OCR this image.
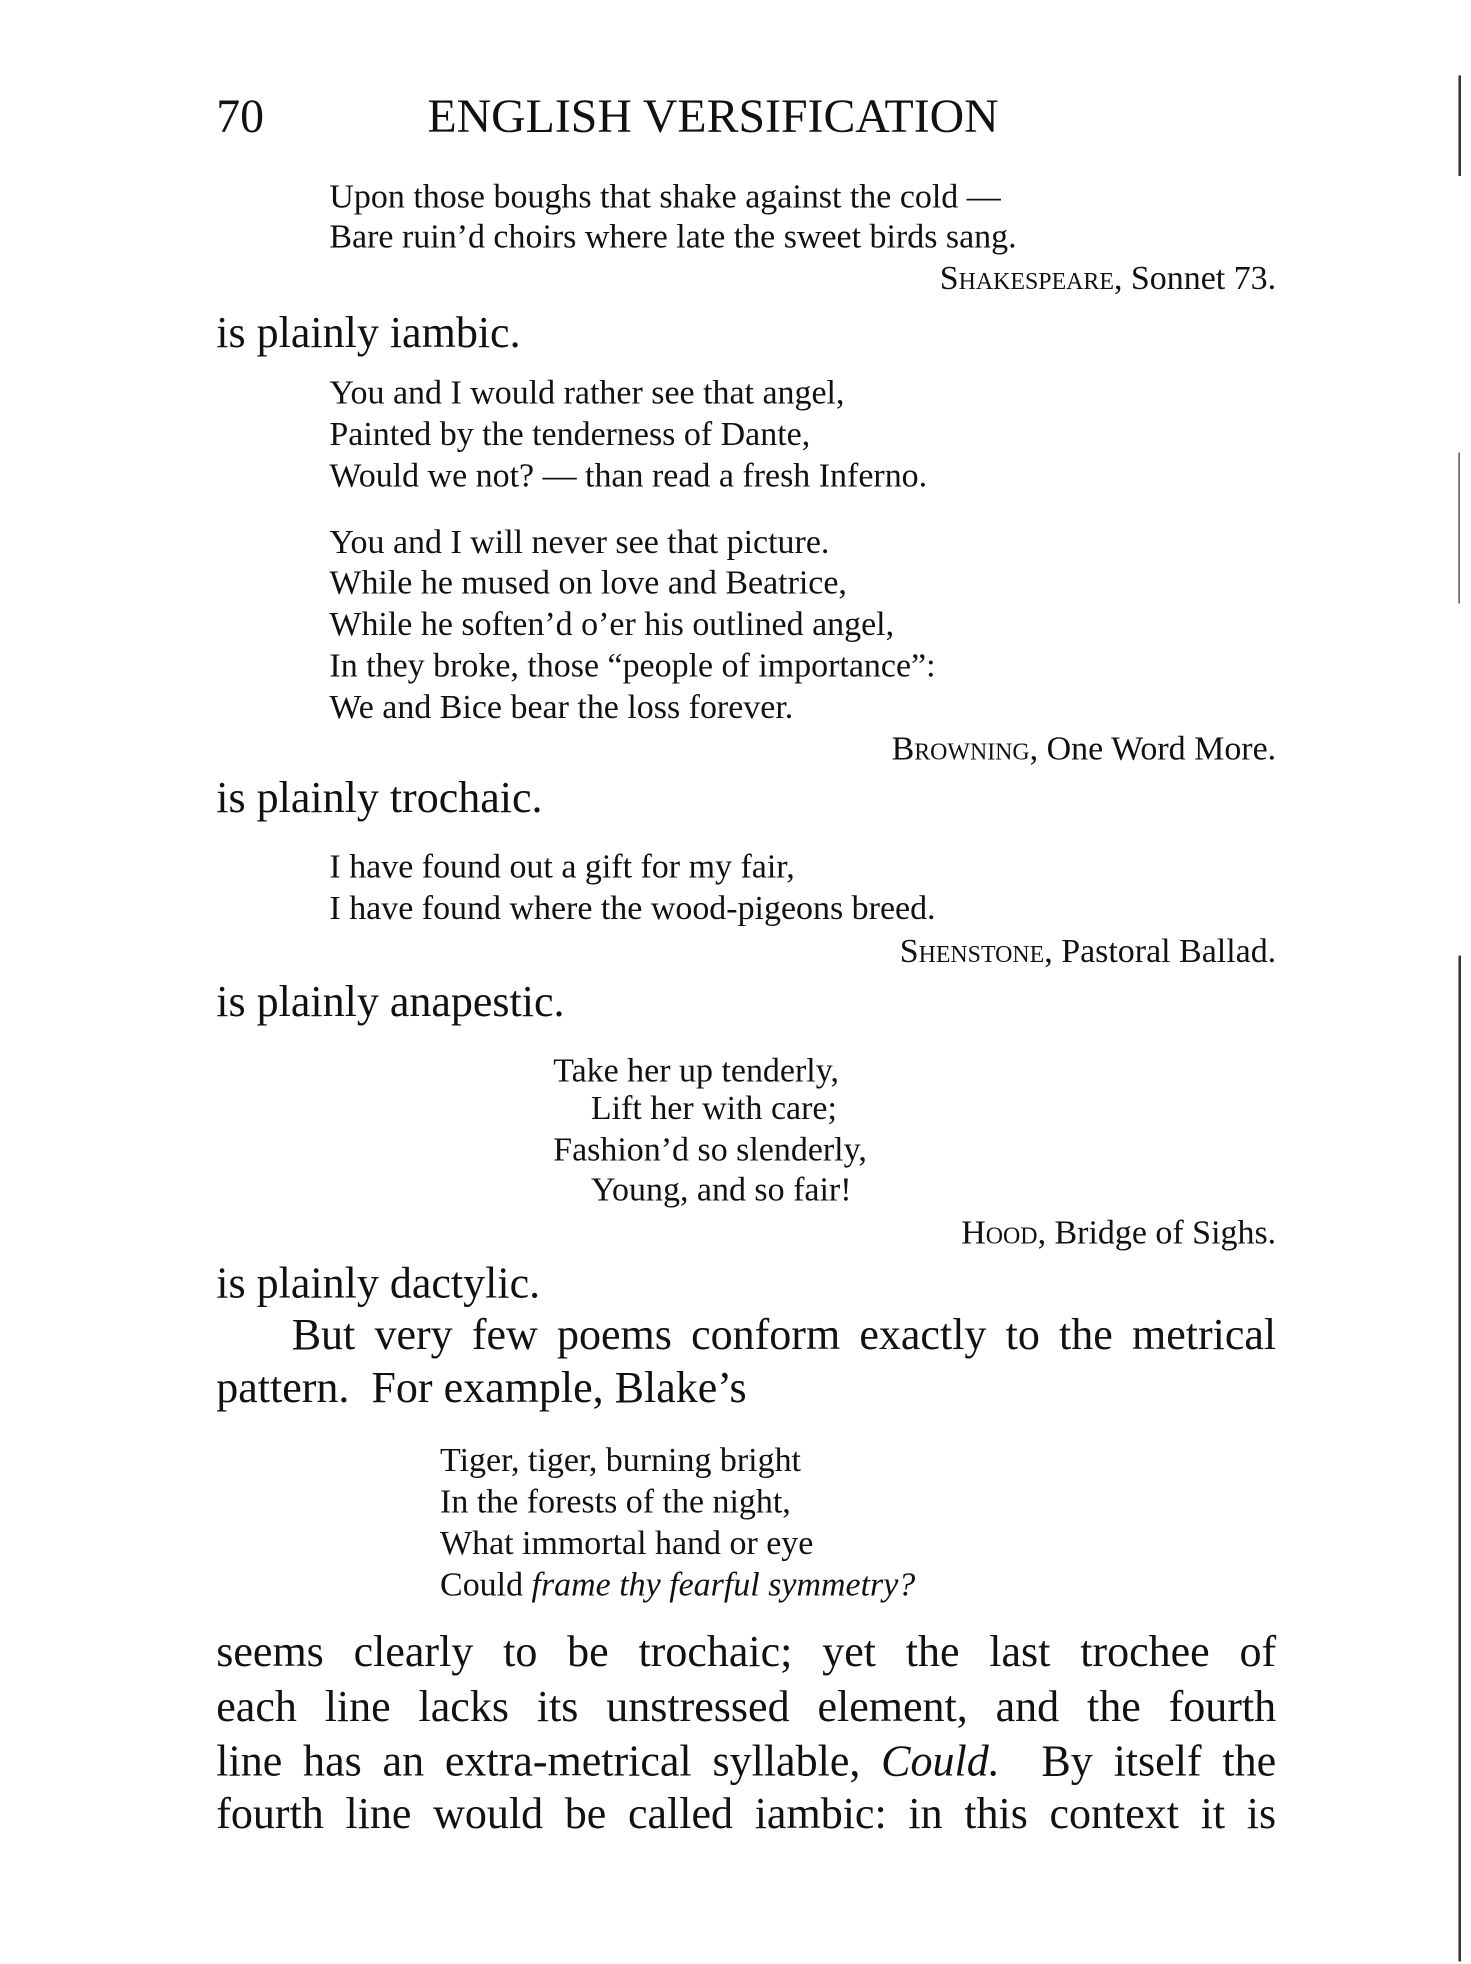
70	ENGLISH VERSIFICATION
Upon those boughs that shake against the cold —
Bare ruin’d choirs where late the sweet birds sang.
Shakespeare, Sonnet 73.
is plainly iambic.
You and I would rather see that angel,
Painted by the tenderness of Dante,
Would we not? — than read a fresh Inferno.
You and I will never see that picture.
While he mused on love and Beatrice,
While he soften’d o’er his outlined angel,
In they broke, those “people of importance”:
We and Bice bear the loss forever.
Browning, One Word More.
is plainly trochaic.
I have found out a gift for my fair,
I have found where the wood-pigeons breed.
Shenstone, Pastoral Ballad.
is plainly anapestic.
Take her up tenderly,
Lift her with care;
Fashion’d so slenderly,
Young, and so fair!
Hood, Bridge of Sighs.
is plainly dactylic.
But very few poems conform exactly to the metrical
pattern.  For example, Blake’s
Tiger, tiger, burning bright
In the forests of the night,
What immortal hand or eye
Could frame thy fearful symmetry?
seems clearly to be trochaic; yet the last trochee of
each line lacks its unstressed element, and the fourth
line has an extra-metrical syllable, Could.  By itself the
fourth line would be called iambic: in this context it is
